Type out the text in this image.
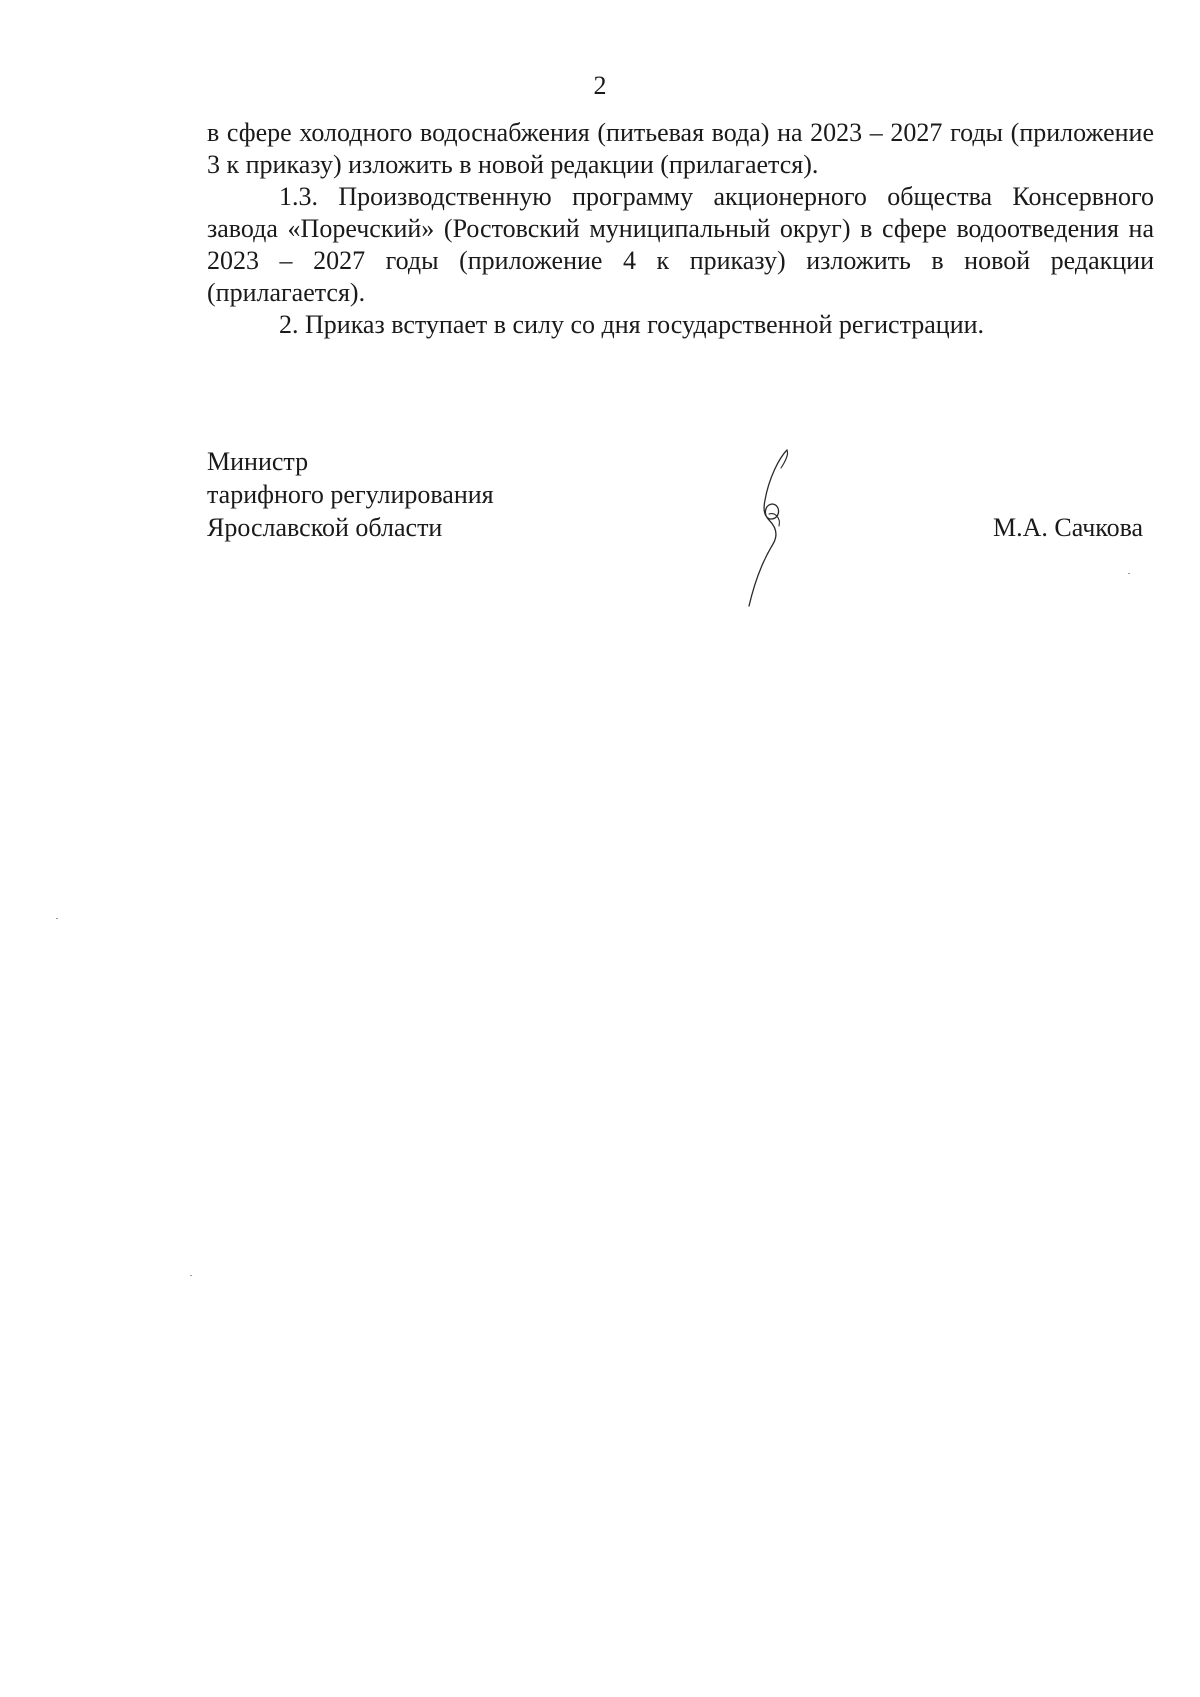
2

в сфере холодного водоснабжения (питьевая вода) на 2023 – 2027 годы (приложение 3 к приказу) изложить в новой редакции (прилагается).

1.3. Производственную программу акционерного общества Консервного завода «Поречский» (Ростовский муниципальный округ) в сфере водоотведения на 2023 – 2027 годы (приложение 4 к приказу) изложить в новой редакции (прилагается).

2. Приказ вступает в силу со дня государственной регистрации.

Министр
тарифного регулирования
Ярославской области	М.А. Сачкова
